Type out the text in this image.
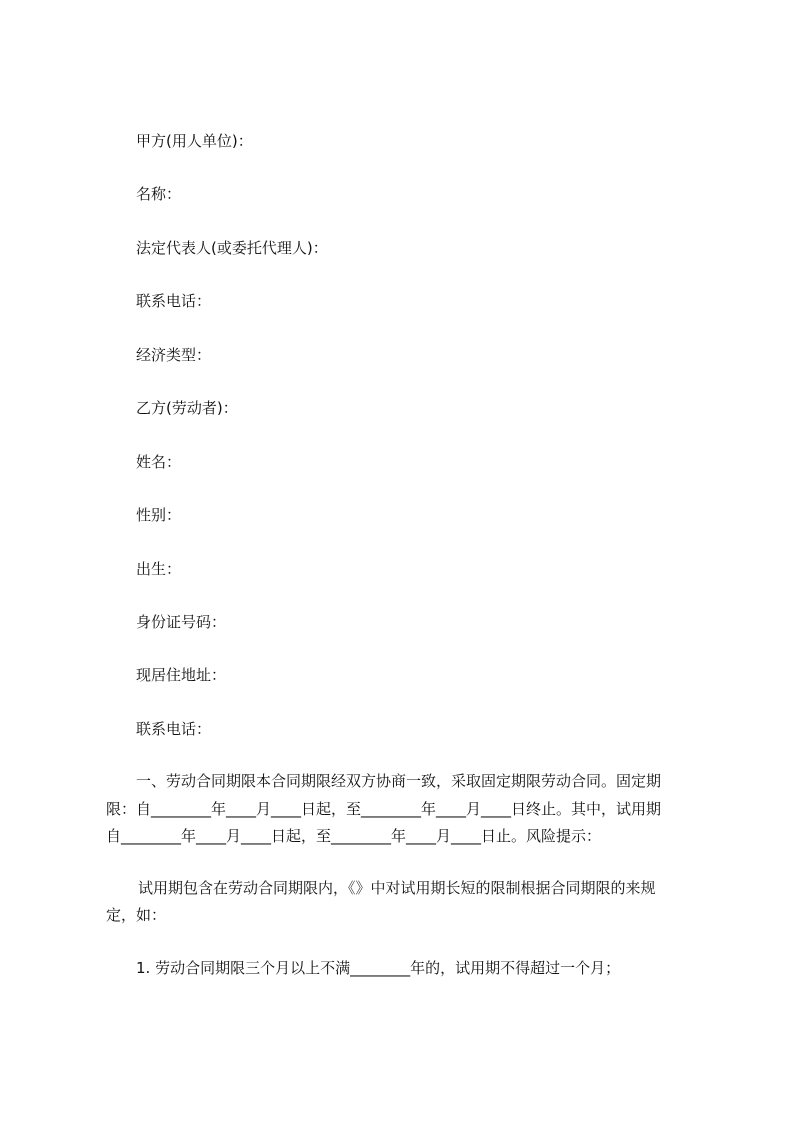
甲方(用人单位)：
名称：
法定代表人(或委托代理人)：
联系电话：
经济类型：
乙方(劳动者)：
姓名：
性别：
出生：
身份证号码：
现居住地址：
联系电话：
一、劳动合同期限本合同期限经双方协商一致，采取固定期限劳动合同。固定期
限：自________年____月____日起，至________年____月____日终止。其中，试用期
自________年____月____日起，至________年____月____日止。风险提示：
试用期包含在劳动合同期限内，《》中对试用期长短的限制根据合同期限的来规
定，如：
1. 劳动合同期限三个月以上不满________年的，试用期不得超过一个月；
